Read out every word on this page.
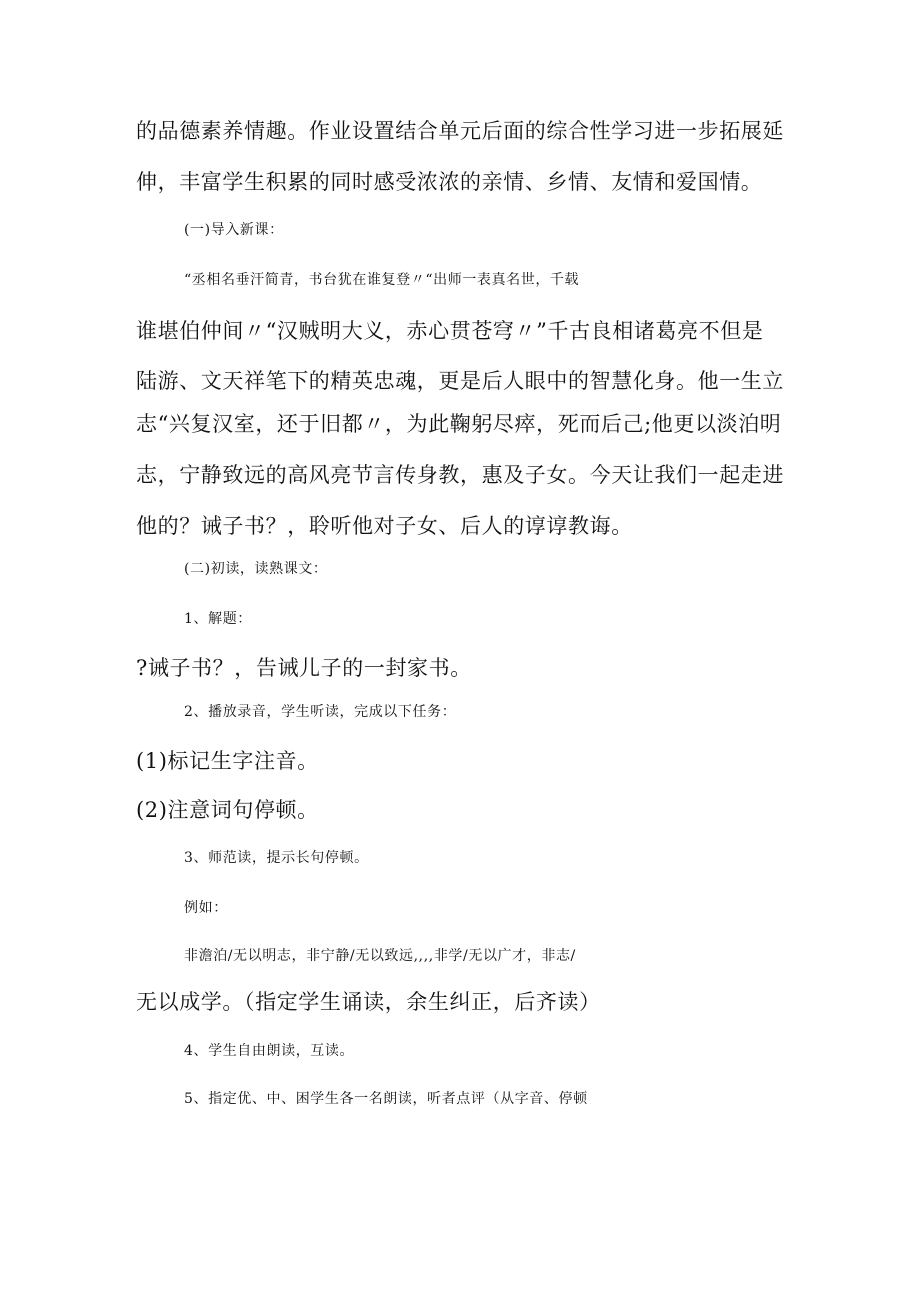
的品德素养情趣。作业设置结合单元后面的综合性学习进一步拓展延
伸，丰富学生积累的同时感受浓浓的亲情、乡情、友情和爱国情。
(一)导入新课：
“丞相名垂汗简青，书台犹在谁复登〃“出师一表真名世，千载
谁堪伯仲间〃“汉贼明大义，赤心贯苍穹〃”千古良相诸葛亮不但是
陆游、文天祥笔下的精英忠魂，更是后人眼中的智慧化身。他一生立
志“兴复汉室，还于旧都〃，为此鞠躬尽瘁，死而后己;他更以淡泊明
志，宁静致远的高风亮节言传身教，惠及子女。今天让我们一起走进
他的？诫子书？，聆听他对子女、后人的谆谆教诲。
(二)初读，读熟课文：
1、解题：
?诫子书？，告诫儿子的一封家书。
2、播放录音，学生听读，完成以下任务：
(1)标记生字注音。
(2)注意词句停顿。
3、师范读，提示长句停顿。
例如：
非澹泊/无以明志，非宁静/无以致远,,,,非学/无以广才，非志/
无以成学。（指定学生诵读，余生纠正，后齐读）
4、学生自由朗读，互读。
5、指定优、中、困学生各一名朗读，听者点评（从字音、停顿
